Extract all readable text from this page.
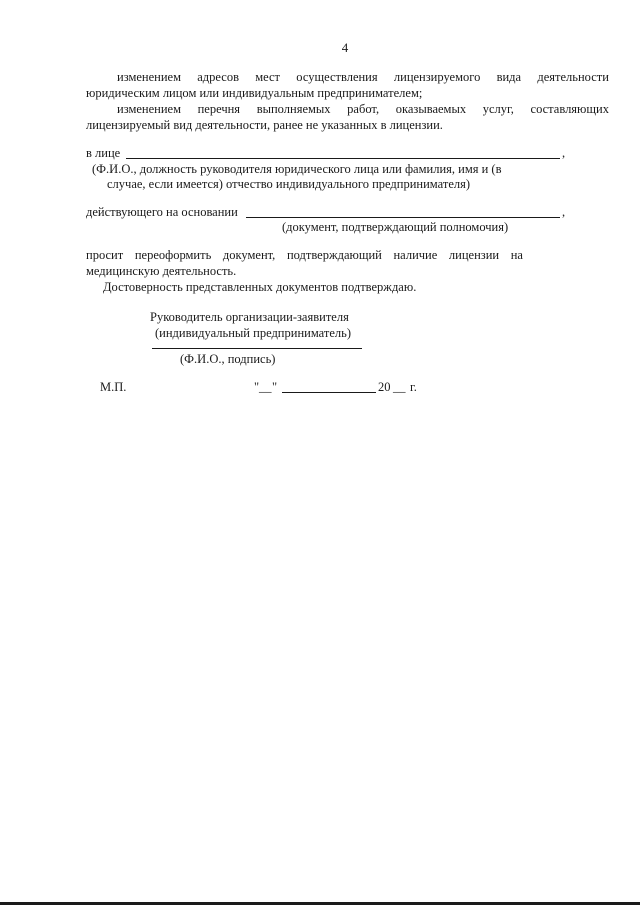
4
изменением адресов мест осуществления лицензируемого вида деятельности
юридическим лицом или индивидуальным предпринимателем;
изменением перечня выполняемых работ, оказываемых услуг, составляющих
лицензируемый вид деятельности, ранее не указанных в лицензии.
в лице	,
(Ф.И.О., должность руководителя юридического лица или фамилия, имя и (в
случае, если имеется) отчество индивидуального предпринимателя)
действующего на основании	,
(документ, подтверждающий полномочия)
просит переоформить документ, подтверждающий наличие лицензии на
медицинскую деятельность.
Достоверность представленных документов подтверждаю.
Руководитель организации-заявителя
(индивидуальный предприниматель)
(Ф.И.О., подпись)
М.П.	" __ "	20 __ г.
